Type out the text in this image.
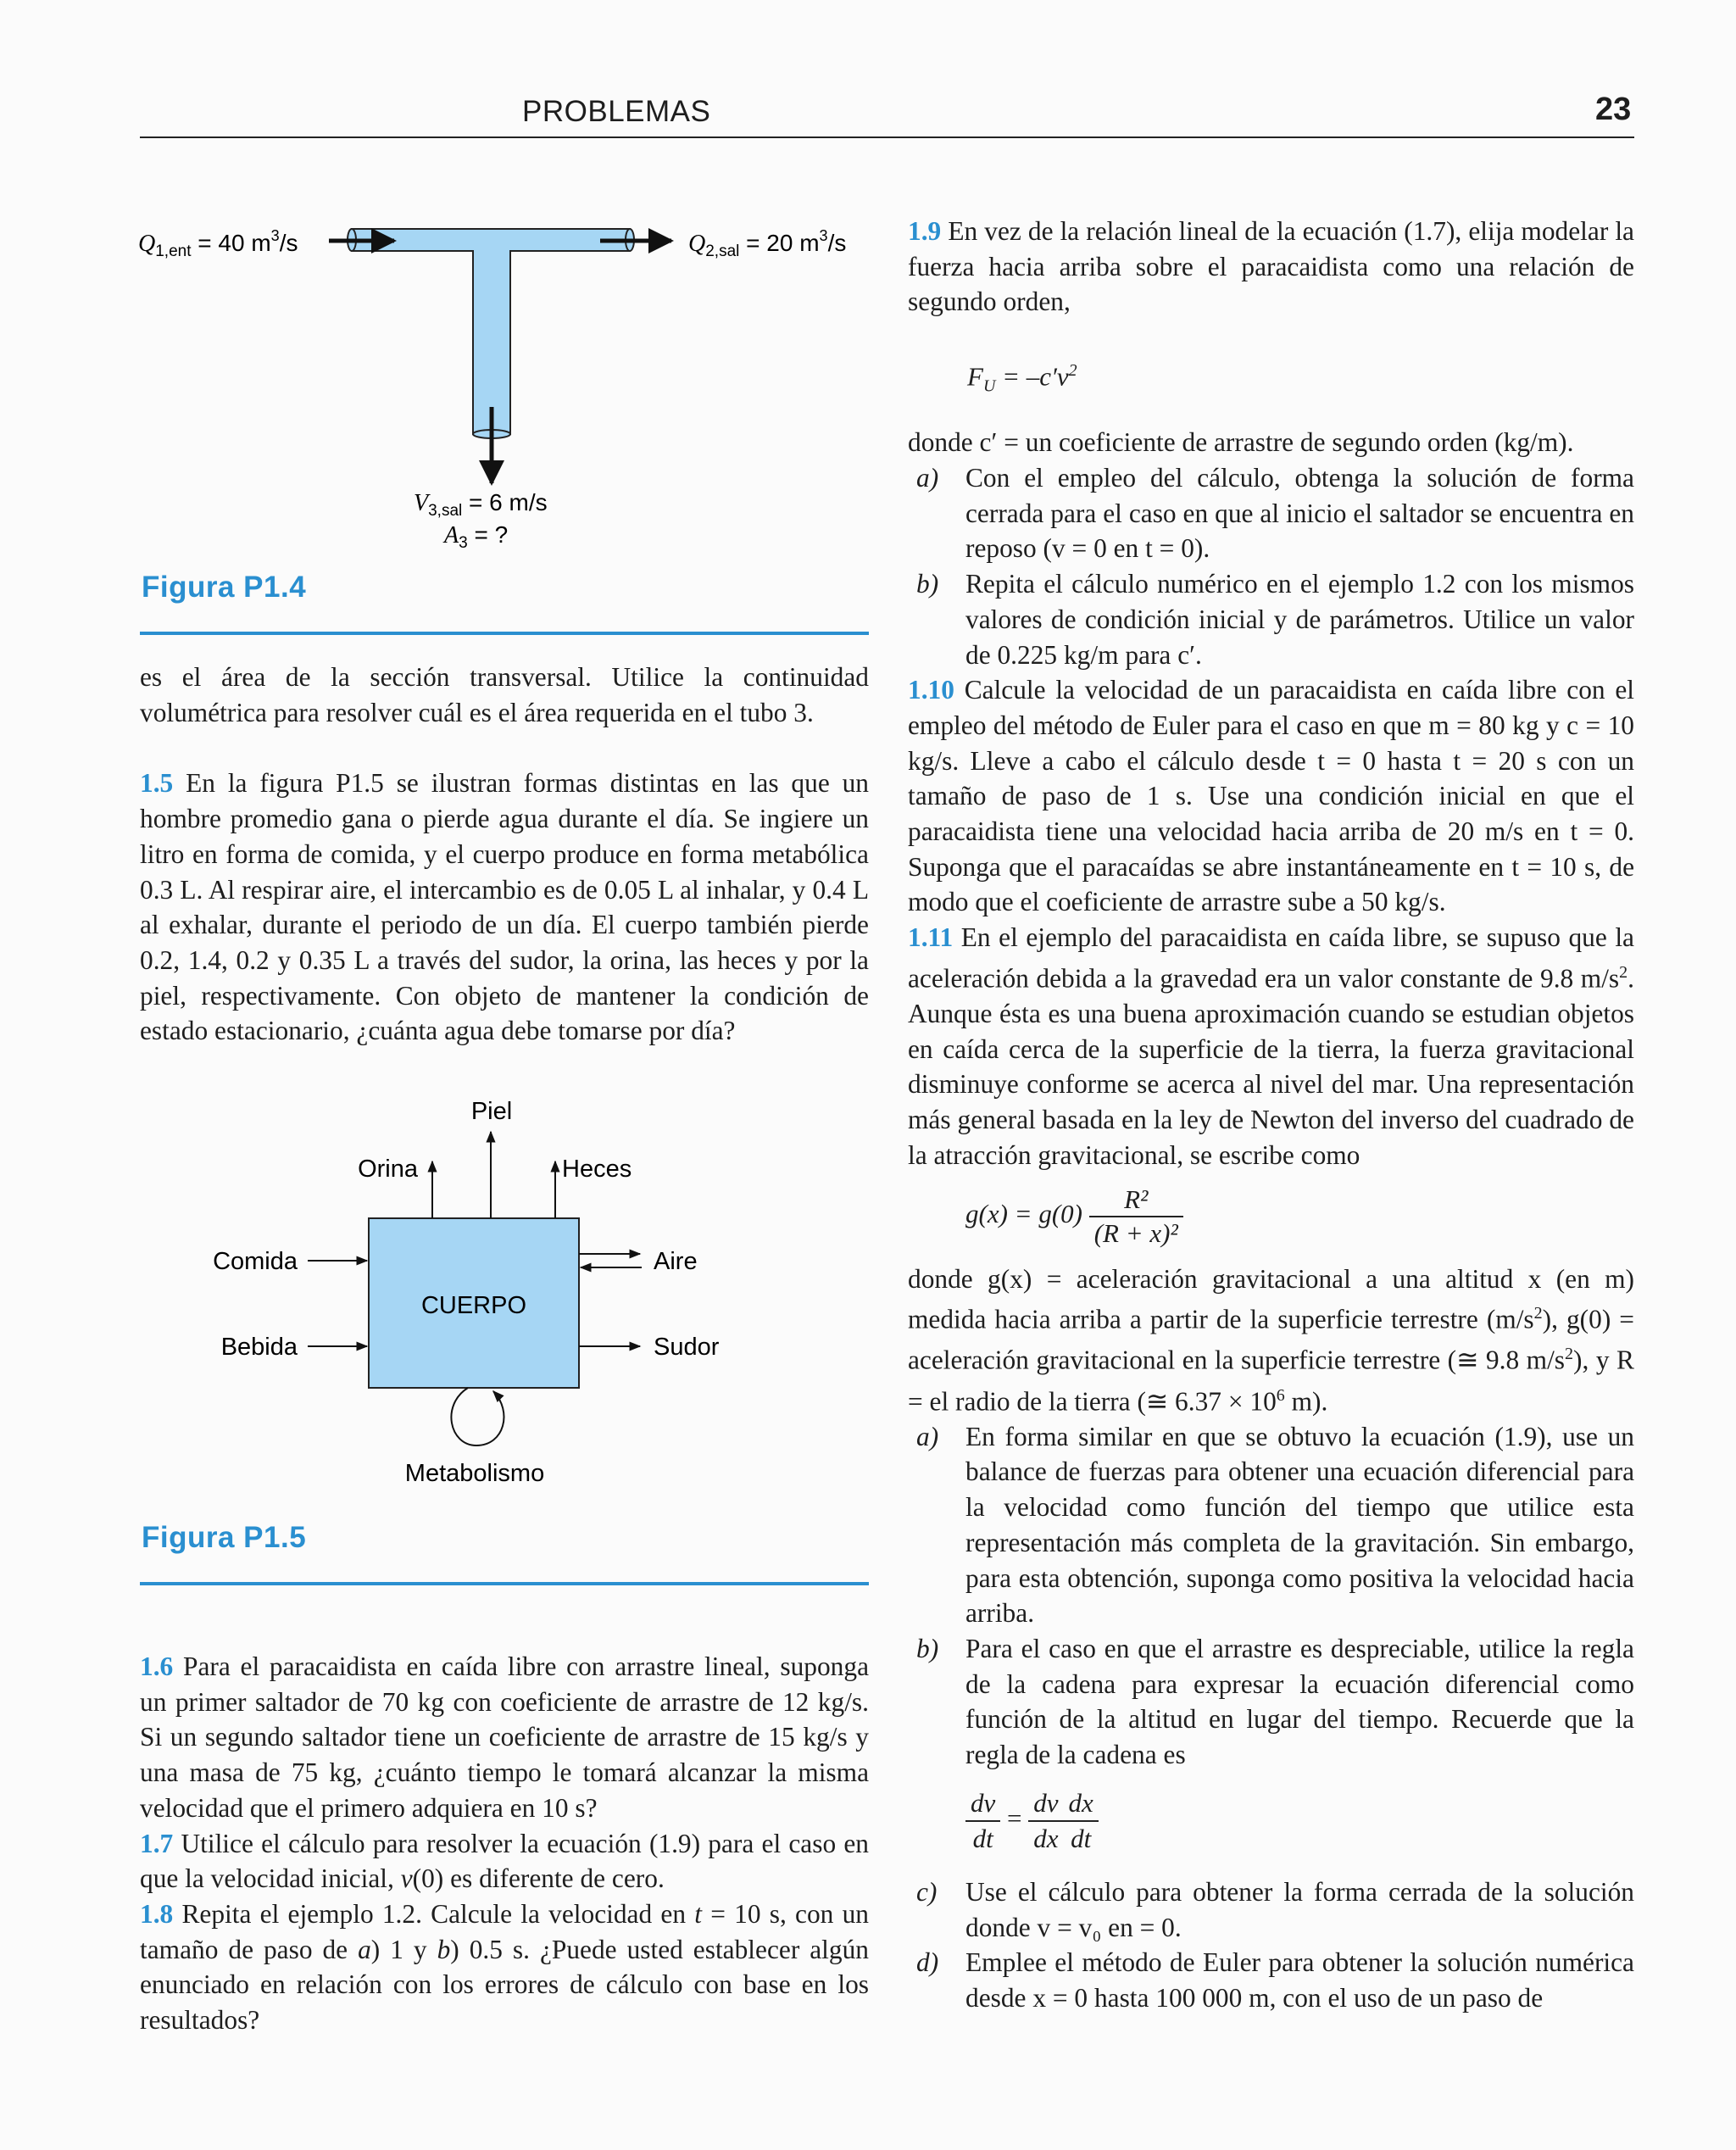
PROBLEMAS	23
$Q_{1,ent} = 40$ $m^3/s$	$Q_{2,sal} = 20$ $m^3/s$
$V_{3,sal} = 6$ m/s
$A_3$ = ?
Figura P1.4

es el área de la sección transversal. Utilice la continuidad volumétrica para resolver cuál es el área requerida en el tubo 3.

1.5 En la figura P1.5 se ilustran formas distintas en las que un hombre promedio gana o pierde agua durante el día. Se ingiere un litro en forma de comida, y el cuerpo produce en forma metabólica 0.3 L. Al respirar aire, el intercambio es de 0.05 L al inhalar, y 0.4 L al exhalar, durante el periodo de un día. El cuerpo también pierde 0.2, 1.4, 0.2 y 0.35 L a través del sudor, la orina, las heces y por la piel, respectivamente. Con objeto de mantener la condición de estado estacionario, ¿cuánta agua debe tomarse por día?

CUERPO
Piel
Orina	Heces
Comida
Bebida
Aire
Sudor
Metabolismo
Figura P1.5

1.6 Para el paracaidista en caída libre con arrastre lineal, suponga un primer saltador de 70 kg con coeficiente de arrastre de 12 kg/s. Si un segundo saltador tiene un coeficiente de arrastre de 15 kg/s y una masa de 75 kg, ¿cuánto tiempo le tomará alcanzar la misma velocidad que el primero adquiera en 10 s?

1.7 Utilice el cálculo para resolver la ecuación (1.9) para el caso en que la velocidad inicial, v(0) es diferente de cero.

1.8 Repita el ejemplo 1.2. Calcule la velocidad en t = 10 s, con un tamaño de paso de a) 1 y b) 0.5 s. ¿Puede usted establecer algún enunciado en relación con los errores de cálculo con base en los resultados?

1.9 En vez de la relación lineal de la ecuación (1.7), elija modelar la fuerza hacia arriba sobre el paracaidista como una relación de segundo orden,

$F_U = -c'v^2$

donde c′ = un coeficiente de arrastre de segundo orden (kg/m).

a) Con el empleo del cálculo, obtenga la solución de forma cerrada para el caso en que al inicio el saltador se encuentra en reposo (v = 0 en t = 0).
b) Repita el cálculo numérico en el ejemplo 1.2 con los mismos valores de condición inicial y de parámetros. Utilice un valor de 0.225 kg/m para c′.

1.10 Calcule la velocidad de un paracaidista en caída libre con el empleo del método de Euler para el caso en que m = 80 kg y c = 10 kg/s. Lleve a cabo el cálculo desde t = 0 hasta t = 20 s con un tamaño de paso de 1 s. Use una condición inicial en que el paracaidista tiene una velocidad hacia arriba de 20 m/s en t = 0. Suponga que el paracaídas se abre instantáneamente en t = 10 s, de modo que el coeficiente de arrastre sube a 50 kg/s.

1.11 En el ejemplo del paracaidista en caída libre, se supuso que la aceleración debida a la gravedad era un valor constante de 9.8 $m/s^2$. Aunque ésta es una buena aproximación cuando se estudian objetos en caída cerca de la superficie de la tierra, la fuerza gravitacional disminuye conforme se acerca al nivel del mar. Una representación más general basada en la ley de Newton del inverso del cuadrado de la atracción gravitacional, se escribe como

$g(x) = g(0) \frac{\text{R²}}{\text{(R + x)²}}$

donde g(x) = aceleración gravitacional a una altitud x (en m) medida hacia arriba a partir de la superficie terrestre $(m/s^2)$, g(0) = aceleración gravitacional en la superficie terrestre (≅ 9.8 $m/s^2$), y R = el radio de la tierra (≅ $6.37 \times 10^6$ m).

a) En forma similar en que se obtuvo la ecuación (1.9), use un balance de fuerzas para obtener una ecuación diferencial para la velocidad como función del tiempo que utilice esta representación más completa de la gravitación. Sin embargo, para esta obtención, suponga como positiva la velocidad hacia arriba.
b) Para el caso en que el arrastre es despreciable, utilice la regla de la cadena para expresar la ecuación diferencial como función de la altitud en lugar del tiempo. Recuerde que la regla de la cadena es
$\frac{dv}{dt} = \frac{dv}{dx} \frac{dx}{dt}$
c) Use el cálculo para obtener la forma cerrada de la solución donde v = v₀ en = 0.
d) Emplee el método de Euler para obtener la solución numérica desde x = 0 hasta 100 000 m, con el uso de un paso de
